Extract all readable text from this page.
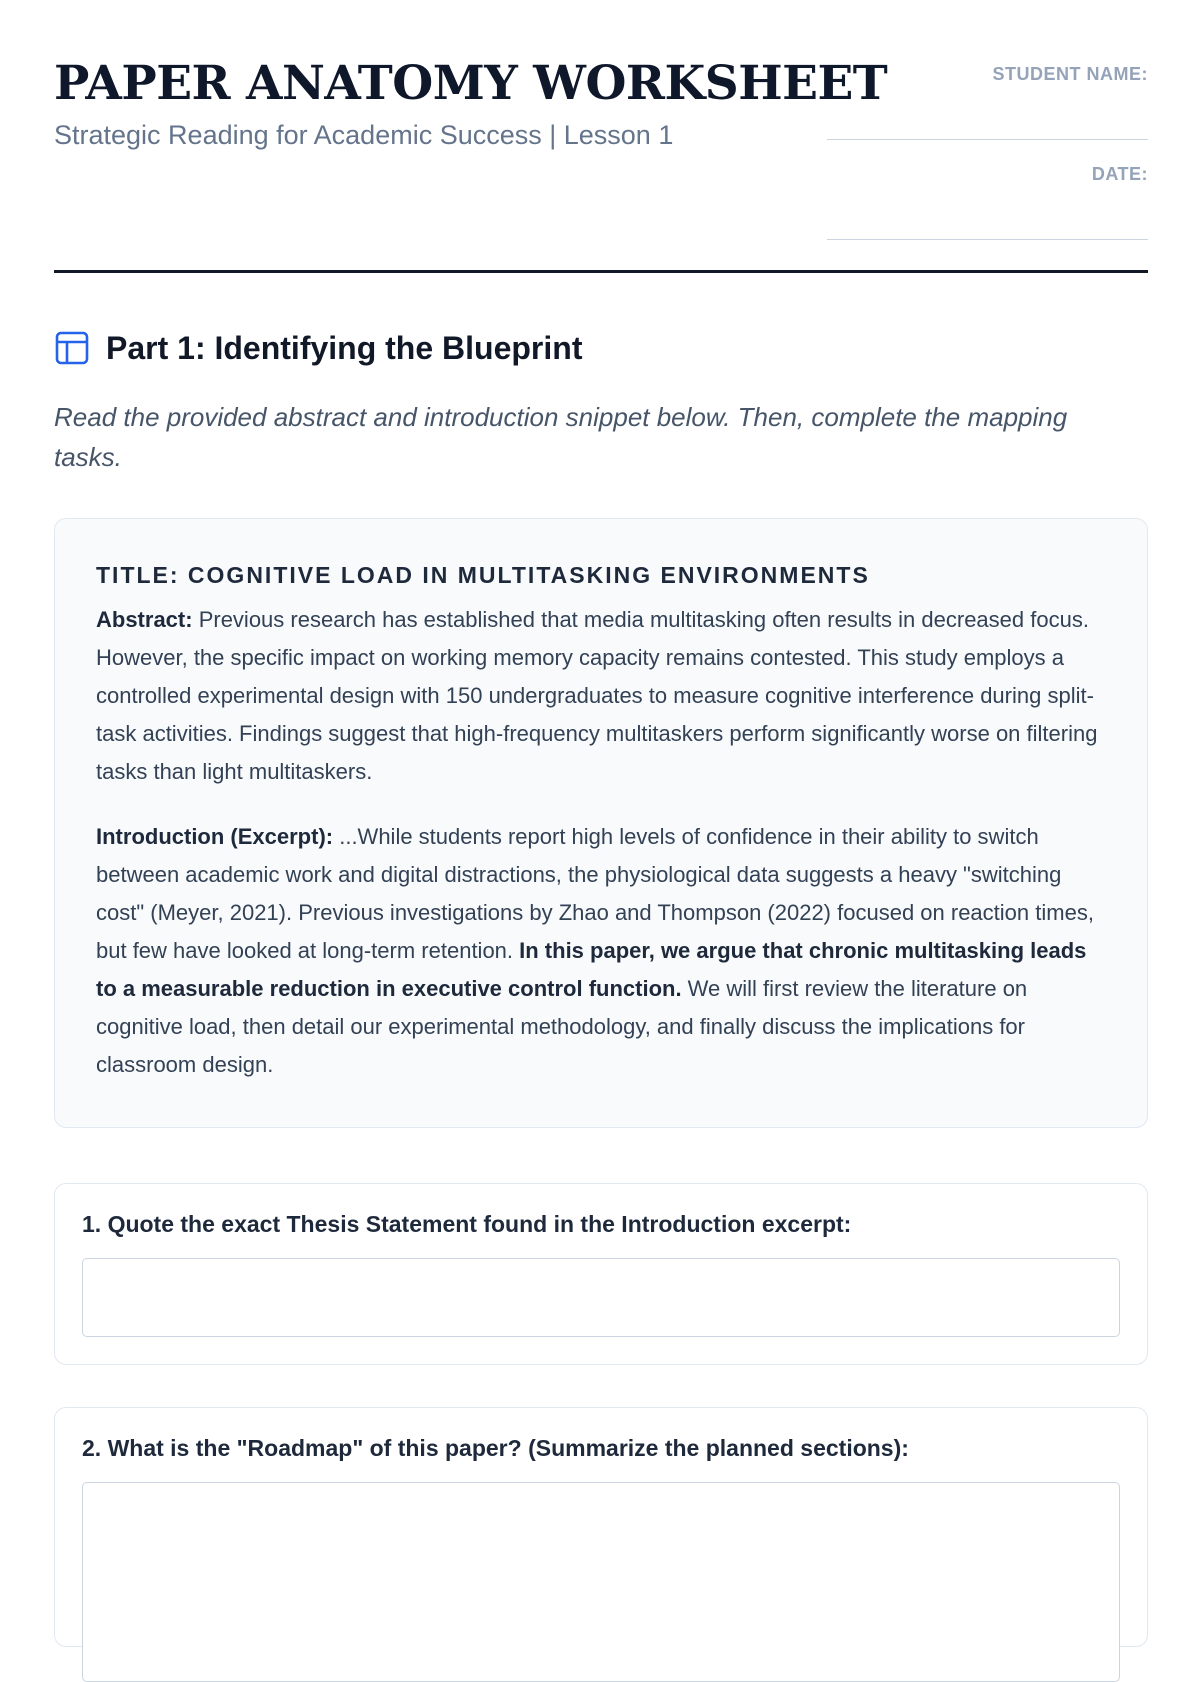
PAPER ANATOMY WORKSHEET
Strategic Reading for Academic Success | Lesson 1
STUDENT NAME:
DATE:
Part 1: Identifying the Blueprint
Read the provided abstract and introduction snippet below. Then, complete the mapping tasks.
TITLE: COGNITIVE LOAD IN MULTITASKING ENVIRONMENTS

Abstract: Previous research has established that media multitasking often results in decreased focus. However, the specific impact on working memory capacity remains contested. This study employs a controlled experimental design with 150 undergraduates to measure cognitive interference during split-task activities. Findings suggest that high-frequency multitaskers perform significantly worse on filtering tasks than light multitaskers.

Introduction (Excerpt): ...While students report high levels of confidence in their ability to switch between academic work and digital distractions, the physiological data suggests a heavy "switching cost" (Meyer, 2021). Previous investigations by Zhao and Thompson (2022) focused on reaction times, but few have looked at long-term retention. In this paper, we argue that chronic multitasking leads to a measurable reduction in executive control function. We will first review the literature on cognitive load, then detail our experimental methodology, and finally discuss the implications for classroom design.

1. Quote the exact Thesis Statement found in the Introduction excerpt:
2. What is the "Roadmap" of this paper? (Summarize the planned sections):
